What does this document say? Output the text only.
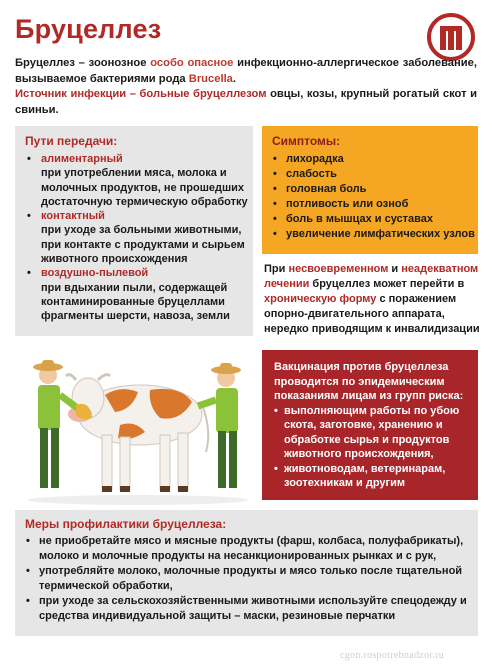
Бруцеллез
Бруцеллез – зоонозное особо опасное инфекционно-аллергическое заболевание, вызываемое бактериями рода Brucella.
Источник инфекции – больные бруцеллезом овцы, козы, крупный рогатый скот и свиньи.
Пути передачи:
• алиментарный
при употреблении мяса, молока и молочных продуктов, не прошедших достаточную термическую обработку
• контактный
при уходе за больными животными, при контакте с продуктами и сырьем животного происхождения
• воздушно-пылевой
при вдыхании пыли, содержащей контаминированные бруцеллами фрагменты шерсти, навоза, земли
Симптомы:
• лихорадка
• слабость
• головная боль
• потливость или озноб
• боль в мышцах и суставах
• увеличение лимфатических узлов
При несвоевременном и неадекватном лечении бруцеллез может перейти в хроническую форму с поражением опорно-двигательного аппарата, нередко приводящим к инвалидизации
Вакцинация против бруцеллеза проводится по эпидемическим показаниям лицам из групп риска:
• выполняющим работы по убою скота, заготовке, хранению и обработке сырья и продуктов животного происхождения,
• животноводам, ветеринарам, зоотехникам и другим
Меры профилактики бруцеллеза:
• не приобретайте мясо и мясные продукты (фарш, колбаса, полуфабрикаты), молоко и молочные продукты на несанкционированных рынках и с рук,
• употребляйте молоко, молочные продукты и мясо только после тщательной термической обработки,
• при уходе за сельскохозяйственными животными используйте спецодежду и средства индивидуальной защиты – маски, резиновые перчатки
cgon.rospotrebnadzor.ru
